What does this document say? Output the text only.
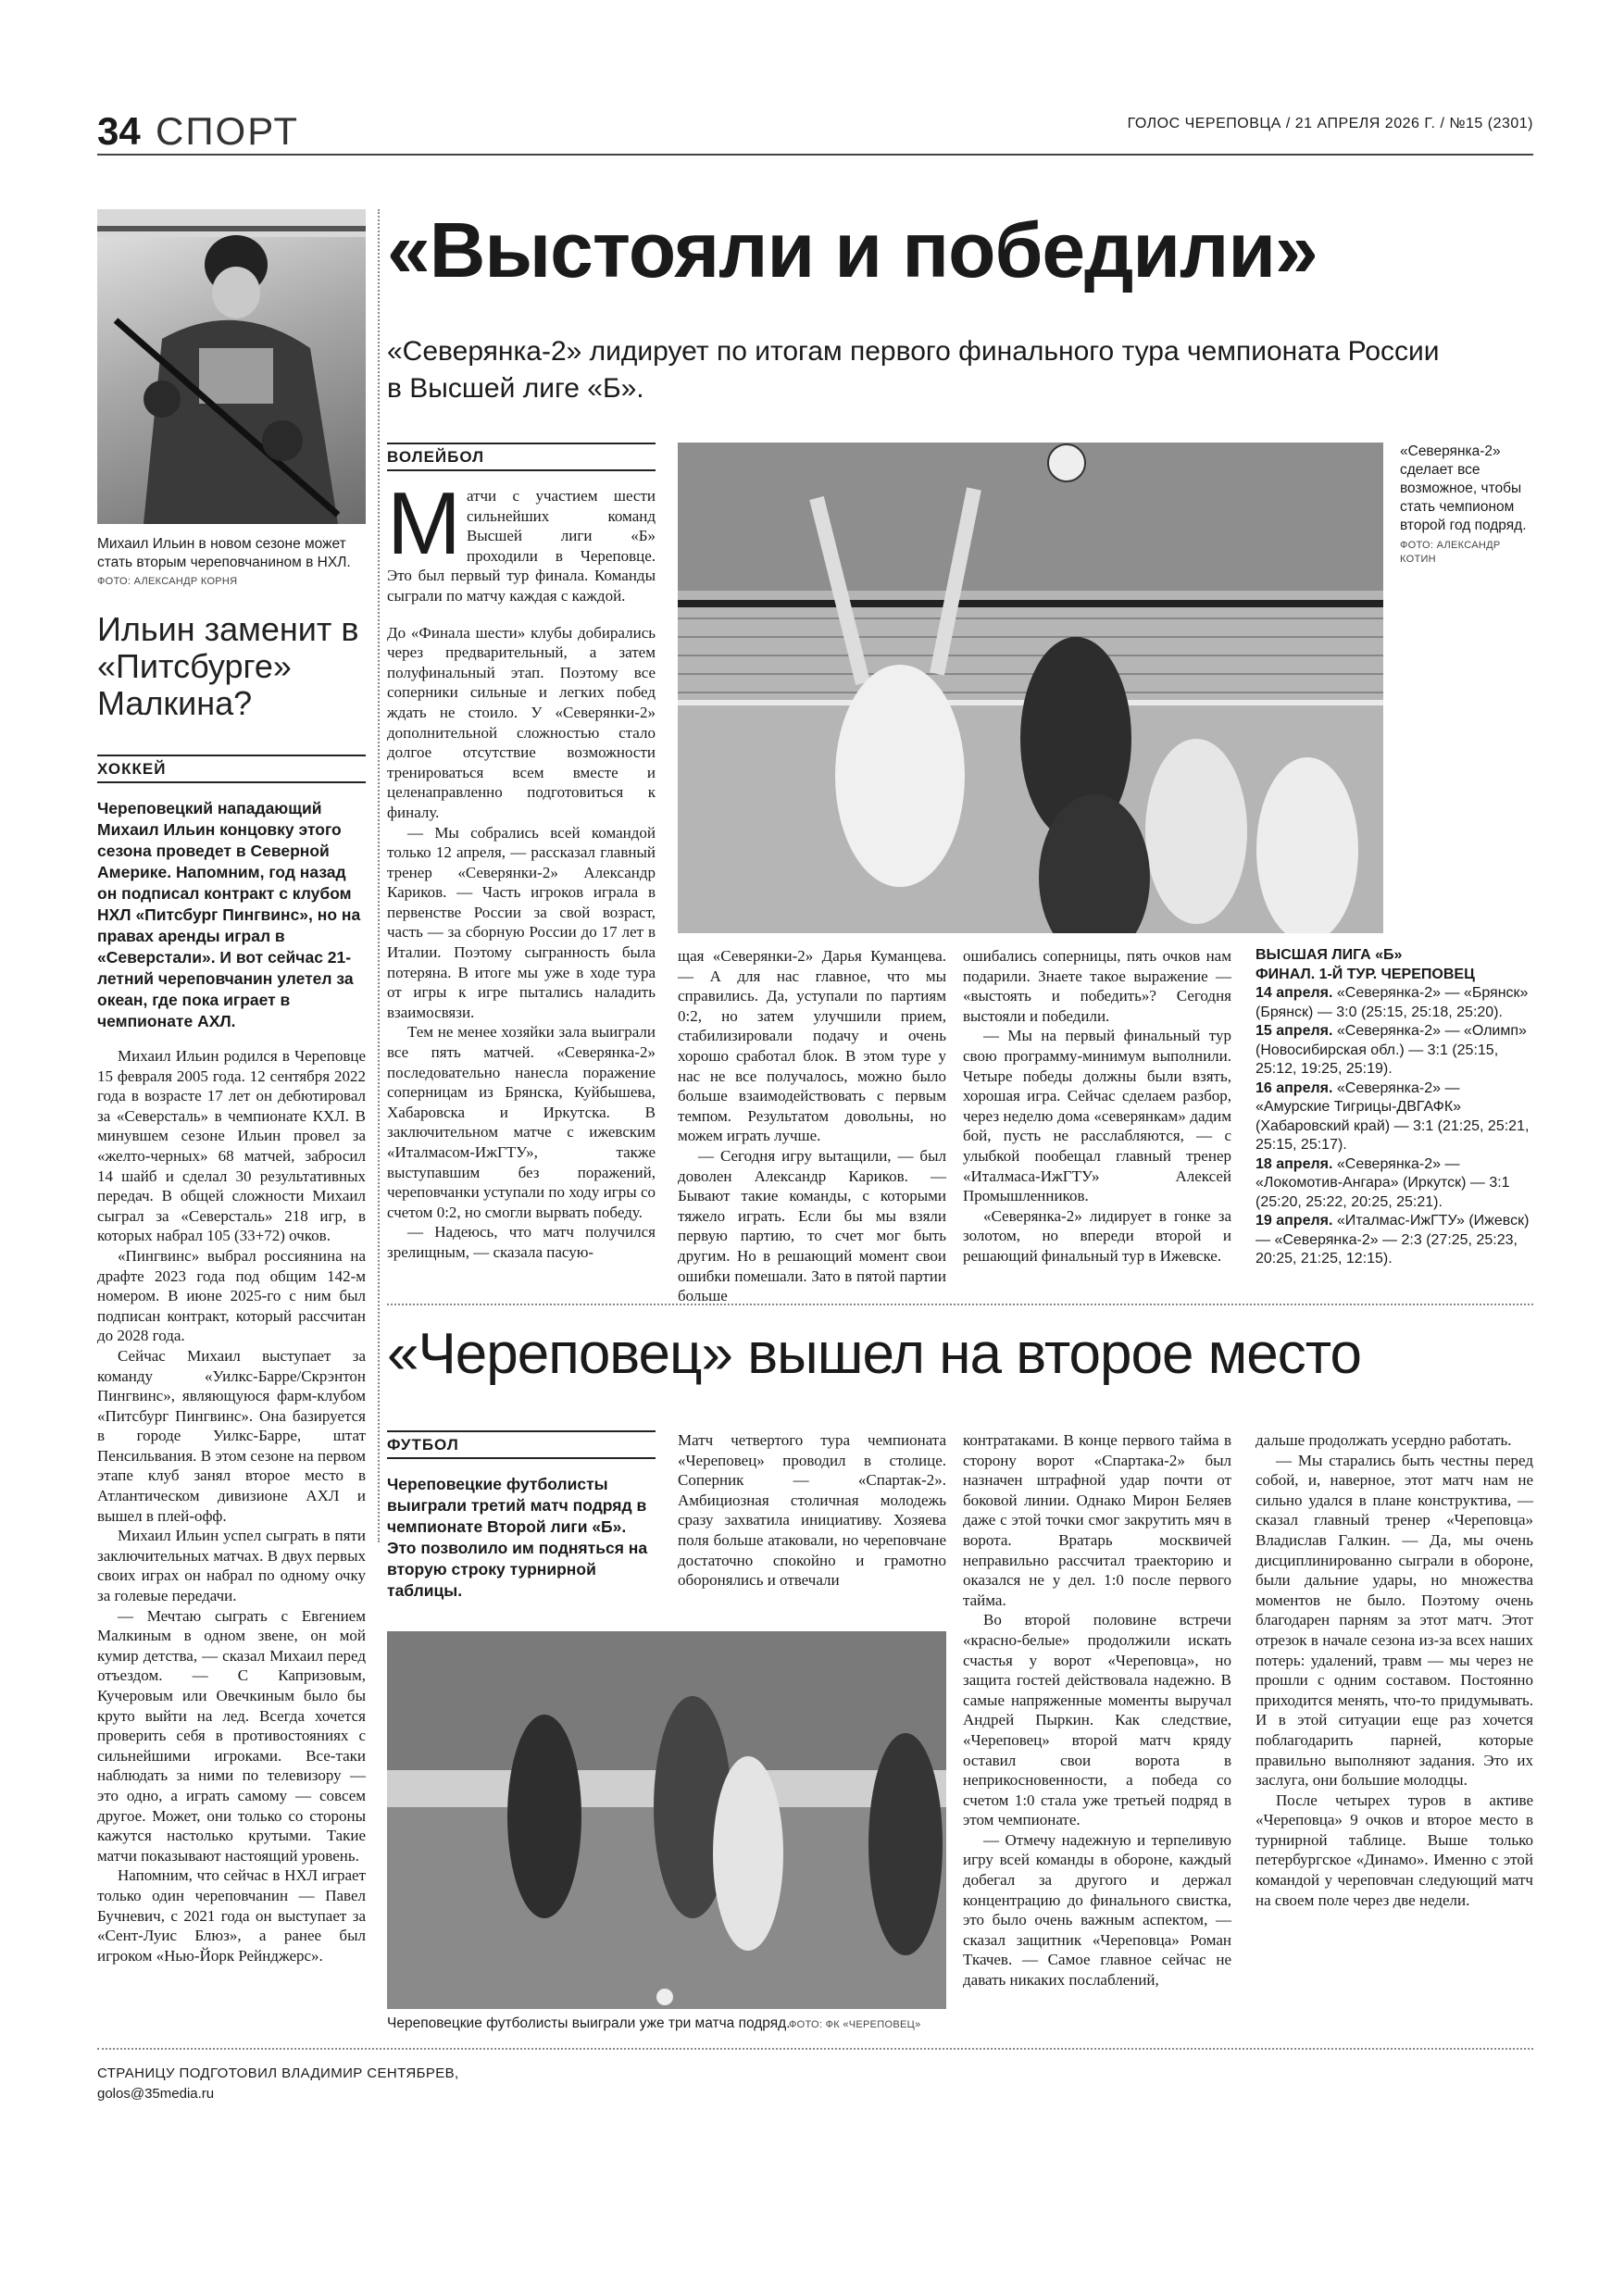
34 СПОРТ	ГОЛОС ЧЕРЕПОВЦА / 21 АПРЕЛЯ 2026 Г. / №15 (2301)
Михаил Ильин в новом сезоне может стать вторым череповчанином в НХЛ.
ФОТО: АЛЕКСАНДР КОРНЯ
Ильин заменит в «Питсбурге» Малкина?
ХОККЕЙ
Череповецкий нападающий Михаил Ильин концовку этого сезона проведет в Северной Америке. Напомним, год назад он подписал контракт с клубом НХЛ «Питсбург Пингвинс», но на правах аренды играл в «Северстали». И вот сейчас 21-летний череповчанин улетел за океан, где пока играет в чемпионате АХЛ.

Михаил Ильин родился в Череповце 15 февраля 2005 года. 12 сентября 2022 года в возрасте 17 лет он дебютировал за «Северсталь» в чемпионате КХЛ. В минувшем сезоне Ильин провел за «желто-черных» 68 матчей, забросил 14 шайб и сделал 30 результативных передач. В общей сложности Михаил сыграл за «Северсталь» 218 игр, в которых набрал 105 (33+72) очков.

«Пингвинс» выбрал россиянина на драфте 2023 года под общим 142-м номером. В июне 2025-го с ним был подписан контракт, который рассчитан до 2028 года.

Сейчас Михаил выступает за команду «Уилкс-Барре/Скрэнтон Пингвинс», являющуюся фарм-клубом «Питсбург Пингвинс». Она базируется в городе Уилкс-Барре, штат Пенсильвания. В этом сезоне на первом этапе клуб занял второе место в Атлантическом дивизионе АХЛ и вышел в плей-офф.

Михаил Ильин успел сыграть в пяти заключительных матчах. В двух первых своих играх он набрал по одному очку за голевые передачи.

— Мечтаю сыграть с Евгением Малкиным в одном звене, он мой кумир детства, — сказал Михаил перед отъездом. — С Капризовым, Кучеровым или Овечкиным было бы круто выйти на лед. Всегда хочется проверить себя в противостояниях с сильнейшими игроками. Все-таки наблюдать за ними по телевизору — это одно, а играть самому — совсем другое. Может, они только со стороны кажутся настолько крутыми. Такие матчи показывают настоящий уровень.

Напомним, что сейчас в НХЛ играет только один череповчанин — Павел Бучневич, с 2021 года он выступает за «Сент-Луис Блюз», а ранее был игроком «Нью-Йорк Рейнджерс».

«Выстояли и победили»
«Северянка-2» лидирует по итогам первого финального тура чемпионата России в Высшей лиге «Б».
ВОЛЕЙБОЛ

Матчи с участием шести сильнейших команд Высшей лиги «Б» проходили в Череповце. Это был первый тур финала. Команды сыграли по матчу каждая с каждой.

До «Финала шести» клубы добирались через предварительный, а затем полуфинальный этап. Поэтому все соперники сильные и легких побед ждать не стоило. У «Северянки-2» дополнительной сложностью стало долгое отсутствие возможности тренироваться всем вместе и целенаправленно подготовиться к финалу.

— Мы собрались всей командой только 12 апреля, — рассказал главный тренер «Северянки-2» Александр Кариков. — Часть игроков играла в первенстве России за свой возраст, часть — за сборную России до 17 лет в Италии. Поэтому сыгранность была потеряна. В итоге мы уже в ходе тура от игры к игре пытались наладить взаимосвязи.

Тем не менее хозяйки зала выиграли все пять матчей. «Северянка-2» последовательно нанесла поражение соперницам из Брянска, Куйбышева, Хабаровска и Иркутска. В заключительном матче с ижевским «Италмасом-ИжГТУ», также выступавшим без поражений, череповчанки уступали по ходу игры со счетом 0:2, но смогли вырвать победу.

— Надеюсь, что матч получился зрелищным, — сказала пасую-

«Северянка-2» сделает все возможное, чтобы стать чемпионом второй год подряд.
ФОТО: АЛЕКСАНДР КОТИН

щая «Северянки-2» Дарья Куманцева. — А для нас главное, что мы справились. Да, уступали по партиям 0:2, но затем улучшили прием, стабилизировали подачу и очень хорошо сработал блок. В этом туре у нас не все получалось, можно было больше взаимодействовать с первым темпом. Результатом довольны, но можем играть лучше.

— Сегодня игру вытащили, — был доволен Александр Кариков. — Бывают такие команды, с которыми тяжело играть. Если бы мы взяли первую партию, то счет мог быть другим. Но в решающий момент свои ошибки помешали. Зато в пятой партии больше

ошибались соперницы, пять очков нам подарили. Знаете такое выражение — «выстоять и победить»? Сегодня выстояли и победили.

— Мы на первый финальный тур свою программу-минимум выполнили. Четыре победы должны были взять, хорошая игра. Сейчас сделаем разбор, через неделю дома «северянкам» дадим бой, пусть не расслабляются, — с улыбкой пообещал главный тренер «Италмаса-ИжГТУ» Алексей Промышленников.

«Северянка-2» лидирует в гонке за золотом, но впереди второй и решающий финальный тур в Ижевске.

ВЫСШАЯ ЛИГА «Б»
ФИНАЛ. 1-Й ТУР. ЧЕРЕПОВЕЦ
14 апреля. «Северянка-2» — «Брянск» (Брянск) — 3:0 (25:15, 25:18, 25:20).
15 апреля. «Северянка-2» — «Олимп» (Новосибирская обл.) — 3:1 (25:15, 25:12, 19:25, 25:19).
16 апреля. «Северянка-2» — «Амурские Тигрицы-ДВГАФК» (Хабаровский край) — 3:1 (21:25, 25:21, 25:15, 25:17).
18 апреля. «Северянка-2» — «Локомотив-Ангара» (Иркутск) — 3:1 (25:20, 25:22, 20:25, 25:21).
19 апреля. «Италмас-ИжГТУ» (Ижевск) — «Северянка-2» — 2:3 (27:25, 25:23, 20:25, 21:25, 12:15).
«Череповец» вышел на второе место
ФУТБОЛ
Череповецкие футболисты выиграли третий матч подряд в чемпионате Второй лиги «Б». Это позволило им подняться на вторую строку турнирной таблицы.

Матч четвертого тура чемпионата «Череповец» проводил в столице. Соперник — «Спартак-2». Амбициозная столичная молодежь сразу захватила инициативу. Хозяева поля больше атаковали, но череповчане достаточно спокойно и грамотно оборонялись и отвечали

Череповецкие футболисты выиграли уже три матча подряд.
ФОТО: ФК «ЧЕРЕПОВЕЦ»

контратаками. В конце первого тайма в сторону ворот «Спартака-2» был назначен штрафной удар почти от боковой линии. Однако Мирон Беляев даже с этой точки смог закрутить мяч в ворота. Вратарь москвичей неправильно рассчитал траекторию и оказался не у дел. 1:0 после первого тайма.

Во второй половине встречи «красно-белые» продолжили искать счастья у ворот «Череповца», но защита гостей действовала надежно. В самые напряженные моменты выручал Андрей Пыркин. Как следствие, «Череповец» второй матч кряду оставил свои ворота в неприкосновенности, а победа со счетом 1:0 стала уже третьей подряд в этом чемпионате.

— Отмечу надежную и терпеливую игру всей команды в обороне, каждый добегал за другого и держал концентрацию до финального свистка, это было очень важным аспектом, — сказал защитник «Череповца» Роман Ткачев. — Самое главное сейчас не давать никаких послаблений,

дальше продолжать усердно работать.

— Мы старались быть честны перед собой, и, наверное, этот матч нам не сильно удался в плане конструктива, — сказал главный тренер «Череповца» Владислав Галкин. — Да, мы очень дисциплинированно сыграли в обороне, были дальние удары, но множества моментов не было. Поэтому очень благодарен парням за этот матч. Этот отрезок в начале сезона из-за всех наших потерь: удалений, травм — мы через не прошли с одним составом. Постоянно приходится менять, что-то придумывать. И в этой ситуации еще раз хочется поблагодарить парней, которые правильно выполняют задания. Это их заслуга, они большие молодцы.

После четырех туров в активе «Череповца» 9 очков и второе место в турнирной таблице. Выше только петербургское «Динамо». Именно с этой командой у череповчан следующий матч на своем поле через две недели.

СТРАНИЦУ ПОДГОТОВИЛ ВЛАДИМИР СЕНТЯБРЕВ,
golos@35media.ru
